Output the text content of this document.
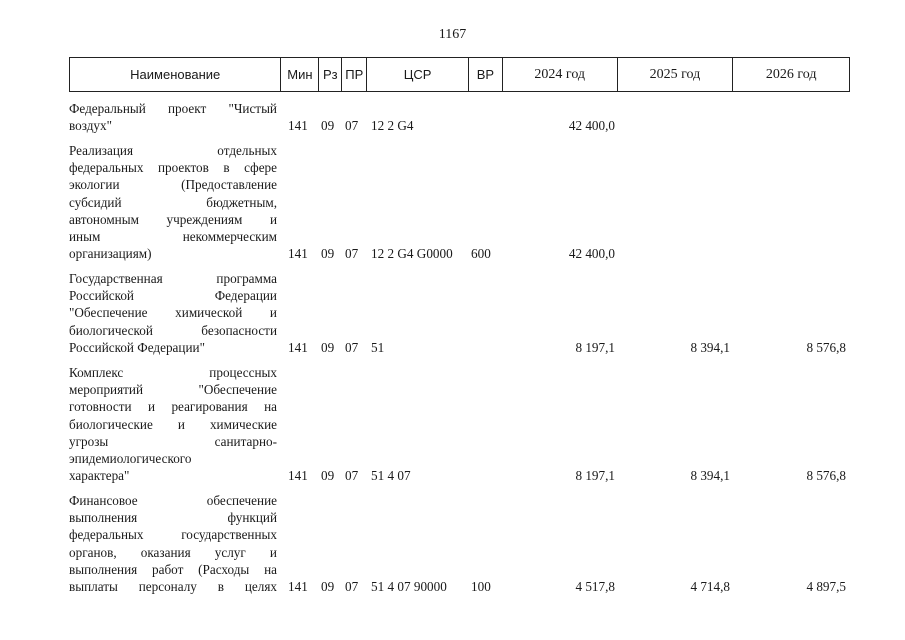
1167
Наименование	Мин Рз ПР	ЦСР	ВР	2024 год	2025 год	2026 год
Федеральный проект "Чистый
воздух"	141 09 07 12 2 G4	42 400,0
Реализация отдельных
федеральных проектов в сфере
экологии (Предоставление
субсидий бюджетным,
автономным учреждениям и
иным некоммерческим
организациям)	141 09 07 12 2 G4 G0000 600	42 400,0
Государственная программа
Российской Федерации
"Обеспечение химической и
биологической безопасности
Российской Федерации"	141 09 07 51	8 197,1	8 394,1	8 576,8
Комплекс процессных
мероприятий "Обеспечение
готовности и реагирования на
биологические и химические
угрозы санитарно-
эпидемиологического
характера"	141 09 07 51 4 07	8 197,1	8 394,1	8 576,8
Финансовое обеспечение
выполнения функций
федеральных государственных
органов, оказания услуг и
выполнения работ (Расходы на
выплаты персоналу в целях 141 09 07 51 4 07 90000 100	4 517,8	4 714,8	4 897,5
